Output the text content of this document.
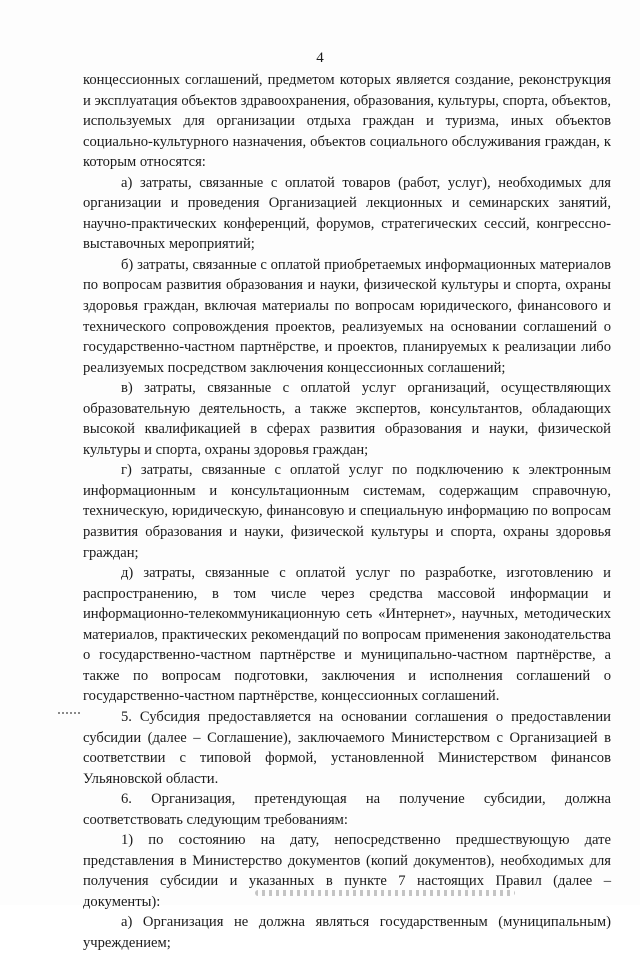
4

концессионных соглашений, предметом которых является создание, реконструкция и эксплуатация объектов здравоохранения, образования, культуры, спорта, объектов, используемых для организации отдыха граждан и туризма, иных объектов социально-культурного назначения, объектов социального обслуживания граждан, к которым относятся:

а) затраты, связанные с оплатой товаров (работ, услуг), необходимых для организации и проведения Организацией лекционных и семинарских занятий, научно-практических конференций, форумов, стратегических сессий, конгрессно-выставочных мероприятий;

б) затраты, связанные с оплатой приобретаемых информационных материалов по вопросам развития образования и науки, физической культуры и спорта, охраны здоровья граждан, включая материалы по вопросам юридического, финансового и технического сопровождения проектов, реализуемых на основании соглашений о государственно-частном партнёрстве, и проектов, планируемых к реализации либо реализуемых посредством заключения концессионных соглашений;

в) затраты, связанные с оплатой услуг организаций, осуществляющих образовательную деятельность, а также экспертов, консультантов, обладающих высокой квалификацией в сферах развития образования и науки, физической культуры и спорта, охраны здоровья граждан;

г) затраты, связанные с оплатой услуг по подключению к электронным информационным и консультационным системам, содержащим справочную, техническую, юридическую, финансовую и специальную информацию по вопросам развития образования и науки, физической культуры и спорта, охраны здоровья граждан;

д) затраты, связанные с оплатой услуг по разработке, изготовлению и распространению, в том числе через средства массовой информации и информационно-телекоммуникационную сеть «Интернет», научных, методических материалов, практических рекомендаций по вопросам применения законодательства о государственно-частном партнёрстве и муниципально-частном партнёрстве, а также по вопросам подготовки, заключения и исполнения соглашений о государственно-частном партнёрстве, концессионных соглашений.

5. Субсидия предоставляется на основании соглашения о предоставлении субсидии (далее – Соглашение), заключаемого Министерством с Организацией в соответствии с типовой формой, установленной Министерством финансов Ульяновской области.

6. Организация, претендующая на получение субсидии, должна соответствовать следующим требованиям:

1) по состоянию на дату, непосредственно предшествующую дате представления в Министерство документов (копий документов), необходимых для получения субсидии и указанных в пункте 7 настоящих Правил (далее – документы):

а) Организация не должна являться государственным (муниципальным) учреждением;
